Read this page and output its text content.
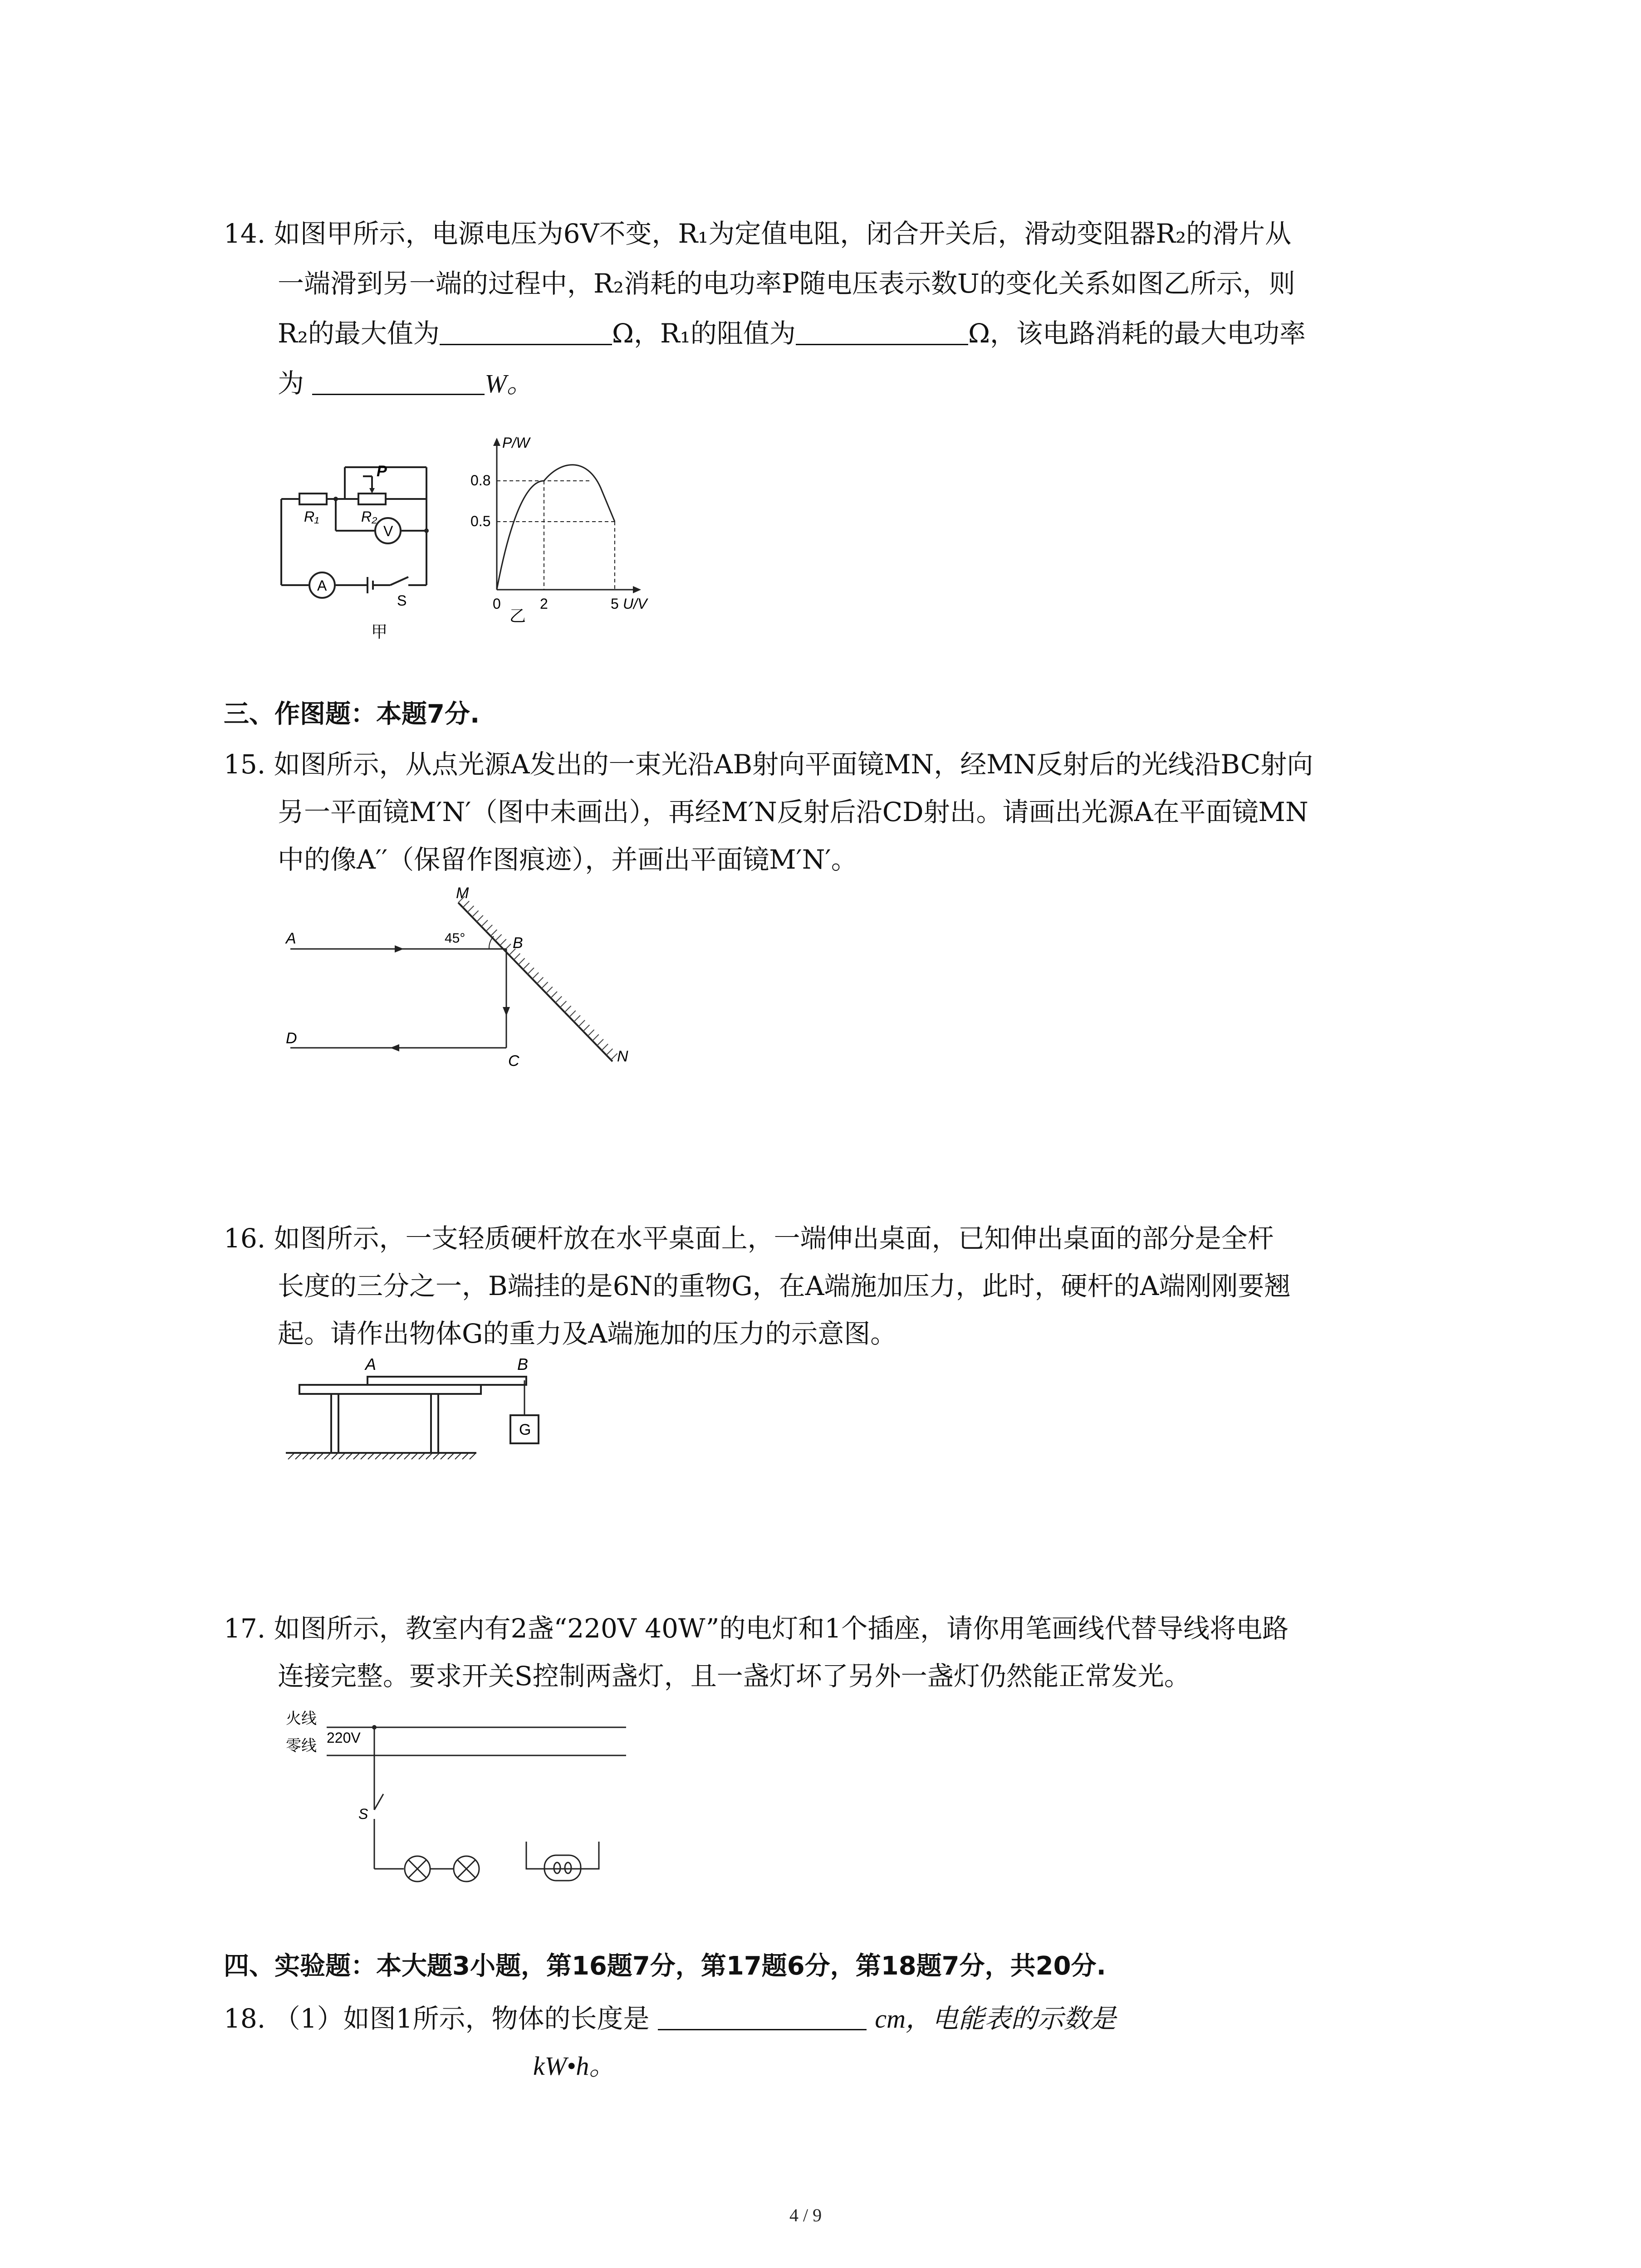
14. 如图甲所示，电源电压为6V不变，R₁为定值电阻，闭合开关后，滑动变阻器R₂的滑片从
一端滑到另一端的过程中，R₂消耗的电功率P随电压表示数U的变化关系如图乙所示，则
R₂的最大值为	Ω，R₁的阻值为	Ω，该电路消耗的最大电功率
为	W。
R₁	R₂
P
V
A
S
甲
乙
P/W
U/V
0	2	5
0.5
0.8
三、作图题：本题7分.
15. 如图所示，从点光源A发出的一束光沿AB射向平面镜MN，经MN反射后的光线沿BC射向
另一平面镜M′N′（图中未画出），再经M′N反射后沿CD射出。请画出光源A在平面镜MN
中的像A′′（保留作图痕迹），并画出平面镜M′N′。
M
A	B
45°
D
C	N
16. 如图所示，一支轻质硬杆放在水平桌面上，一端伸出桌面，已知伸出桌面的部分是全杆
长度的三分之一，B端挂的是6N的重物G，在A端施加压力，此时，硬杆的A端刚刚要翘
起。请作出物体G的重力及A端施加的压力的示意图。
A	B
G
17. 如图所示，教室内有2盏“220V 40W”的电灯和1个插座，请你用笔画线代替导线将电路
连接完整。要求开关S控制两盏灯，且一盏灯坏了另外一盏灯仍然能正常发光。
火线
零线 220V
S
四、实验题：本大题3小题，第16题7分，第17题6分，第18题7分，共20分.
18. （1）如图1所示，物体的长度是	cm，电能表的示数是
kW•h。
4 / 9
